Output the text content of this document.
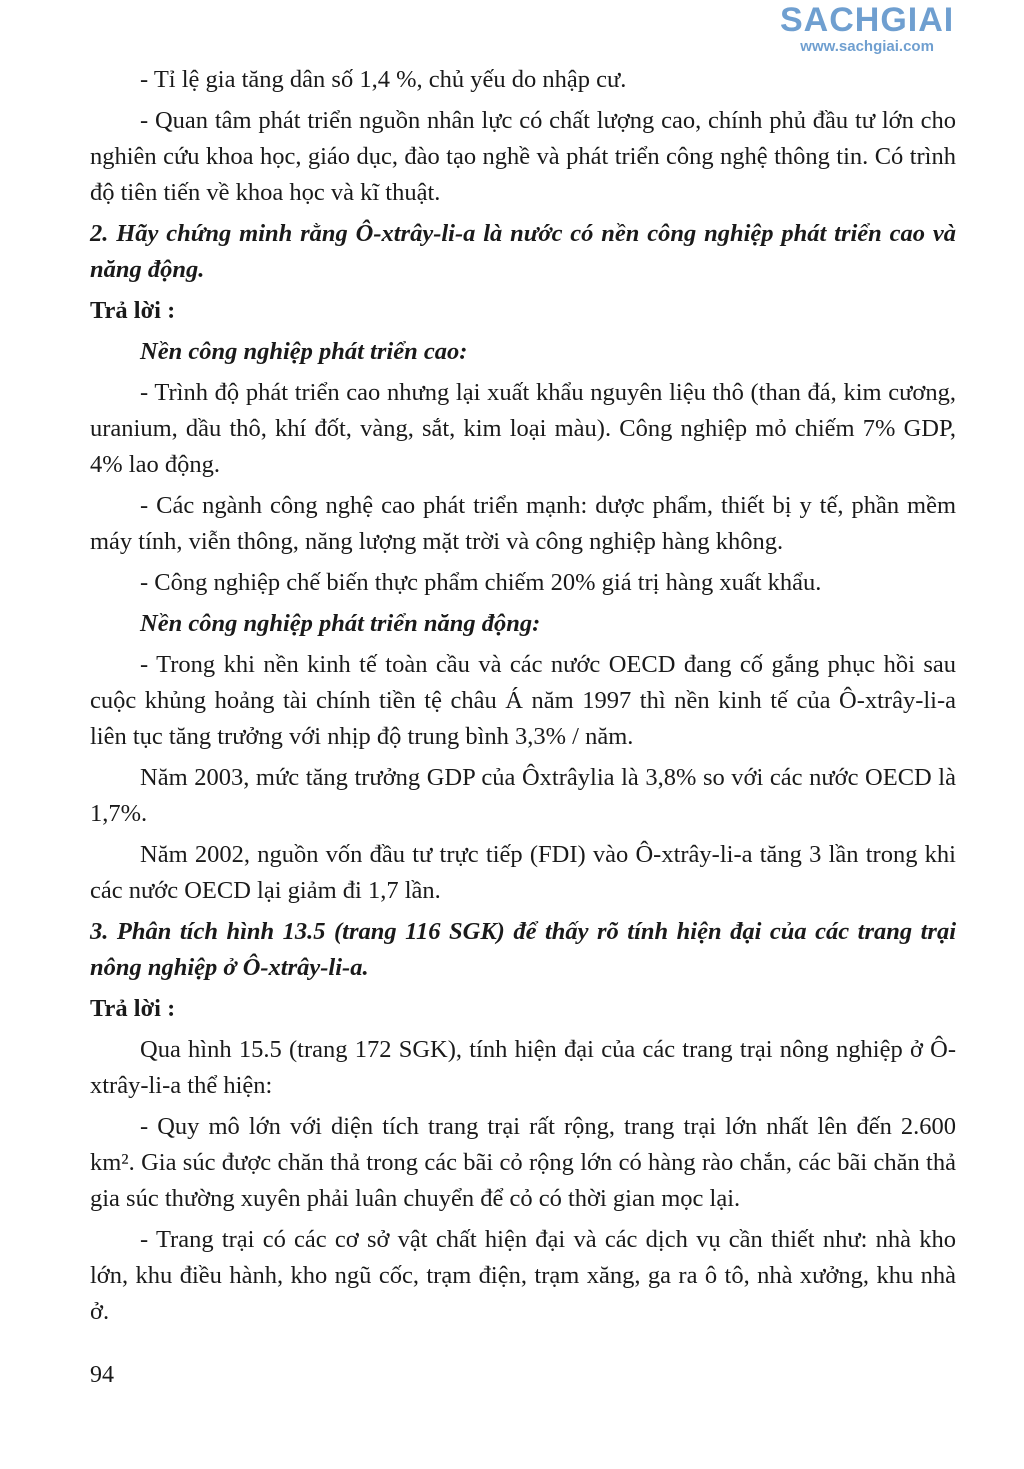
SACHGIAI
www.sachgiai.com

- Tỉ lệ gia tăng dân số 1,4 %, chủ yếu do nhập cư.

- Quan tâm phát triển nguồn nhân lực có chất lượng cao, chính phủ đầu tư lớn cho nghiên cứu khoa học, giáo dục, đào tạo nghề và phát triển công nghệ thông tin. Có trình độ tiên tiến về khoa học và kĩ thuật.

2. Hãy chứng minh rằng Ô-xtrây-li-a là nước có nền công nghiệp phát triển cao và năng động.

Trả lời :

Nền công nghiệp phát triển cao:

- Trình độ phát triển cao nhưng lại xuất khẩu nguyên liệu thô (than đá, kim cương, uranium, dầu thô, khí đốt, vàng, sắt, kim loại màu). Công nghiệp mỏ chiếm 7% GDP, 4% lao động.

- Các ngành công nghệ cao phát triển mạnh: dược phẩm, thiết bị y tế, phần mềm máy tính, viễn thông, năng lượng mặt trời và công nghiệp hàng không.

- Công nghiệp chế biến thực phẩm chiếm 20% giá trị hàng xuất khẩu.

Nền công nghiệp phát triển năng động:

- Trong khi nền kinh tế toàn cầu và các nước OECD đang cố gắng phục hồi sau cuộc khủng hoảng tài chính tiền tệ châu Á năm 1997 thì nền kinh tế của Ô-xtrây-li-a liên tục tăng trưởng với nhịp độ trung bình 3,3% / năm.

Năm 2003, mức tăng trưởng GDP của Ôxtrâylia là 3,8% so với các nước OECD là 1,7%.

Năm 2002, nguồn vốn đầu tư trực tiếp (FDI) vào Ô-xtrây-li-a tăng 3 lần trong khi các nước OECD lại giảm đi 1,7 lần.

3. Phân tích hình 13.5 (trang 116 SGK) để thấy rõ tính hiện đại của các trang trại nông nghiệp ở Ô-xtrây-li-a.

Trả lời :

Qua hình 15.5 (trang 172 SGK), tính hiện đại của các trang trại nông nghiệp ở Ô-xtrây-li-a thể hiện:

- Quy mô lớn với diện tích trang trại rất rộng, trang trại lớn nhất lên đến 2.600 km². Gia súc được chăn thả trong các bãi cỏ rộng lớn có hàng rào chắn, các bãi chăn thả gia súc thường xuyên phải luân chuyển để cỏ có thời gian mọc lại.

- Trang trại có các cơ sở vật chất hiện đại và các dịch vụ cần thiết như: nhà kho lớn, khu điều hành, kho ngũ cốc, trạm điện, trạm xăng, ga ra ô tô, nhà xưởng, khu nhà ở.

94
